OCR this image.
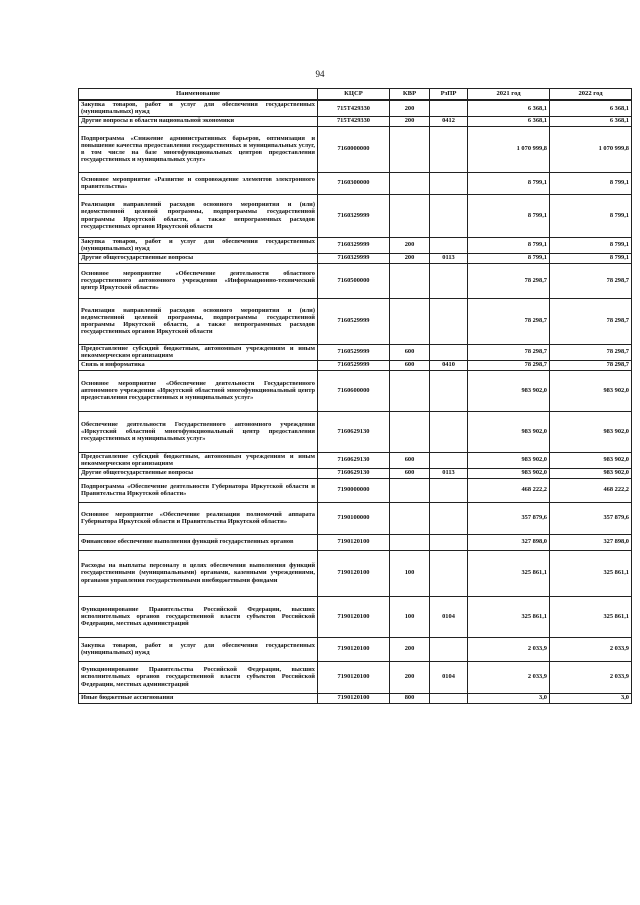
94
Наименование	КЦСР	КВР	РзПР	2021 год	2022 год
Закупка товаров, работ и услуг для обеспечения государственных (муниципальных) нужд	715Т429330	200		6 368,1	6 368,1
Другие вопросы в области национальной экономики	715Т429330	200	0412	6 368,1	6 368,1
Подпрограмма «Снижение административных барьеров, оптимизация и повышение качества предоставления государственных и муниципальных услуг, в том числе на базе многофункциональных центров предоставления государственных и муниципальных услуг»	7160000000			1 070 999,8	1 070 999,8
Основное мероприятие «Развитие и сопровождение элементов электронного правительства»	7160300000			8 799,1	8 799,1
Реализация направлений расходов основного мероприятия и (или) ведомственной целевой программы, подпрограммы государственной программы Иркутской области, а также непрограммных расходов государственных органов Иркутской области	7160329999			8 799,1	8 799,1
Закупка товаров, работ и услуг для обеспечения государственных (муниципальных) нужд	7160329999	200		8 799,1	8 799,1
Другие общегосударственные вопросы	7160329999	200	0113	8 799,1	8 799,1
Основное мероприятие «Обеспечение деятельности областного государственного автономного учреждения «Информационно-технический центр Иркутской области»	7160500000			78 298,7	78 298,7
Реализация направлений расходов основного мероприятия и (или) ведомственной целевой программы, подпрограммы государственной программы Иркутской области, а также непрограммных расходов государственных органов Иркутской области	7160529999			78 298,7	78 298,7
Предоставление субсидий бюджетным, автономным учреждениям и иным некоммерческим организациям	7160529999	600		78 298,7	78 298,7
Связь и информатика	7160529999	600	0410	78 298,7	78 298,7
Основное мероприятие «Обеспечение деятельности Государственного автономного учреждения «Иркутский областной многофункциональный центр предоставления государственных и муниципальных услуг»	7160600000			983 902,0	983 902,0
Обеспечение деятельности Государственного автономного учреждения «Иркутский областной многофункциональный центр предоставления государственных и муниципальных услуг»	7160629130			983 902,0	983 902,0
Предоставление субсидий бюджетным, автономным учреждениям и иным некоммерческим организациям	7160629130	600		983 902,0	983 902,0
Другие общегосударственные вопросы	7160629130	600	0113	983 902,0	983 902,0
Подпрограмма «Обеспечение деятельности Губернатора Иркутской области и Правительства Иркутской области»	7190000000			468 222,2	468 222,2
Основное мероприятие «Обеспечение реализации полномочий аппарата Губернатора Иркутской области и Правительства Иркутской области»	7190100000			357 879,6	357 879,6
Финансовое обеспечение выполнения функций государственных органов	7190120100			327 898,0	327 898,0
Расходы на выплаты персоналу в целях обеспечения выполнения функций государственными (муниципальными) органами, казенными учреждениями, органами управления государственными внебюджетными фондами	7190120100	100		325 861,1	325 861,1
Функционирование Правительства Российской Федерации, высших исполнительных органов государственной власти субъектов Российской Федерации, местных администраций	7190120100	100	0104	325 861,1	325 861,1
Закупка товаров, работ и услуг для обеспечения государственных (муниципальных) нужд	7190120100	200		2 033,9	2 033,9
Функционирование Правительства Российской Федерации, высших исполнительных органов государственной власти субъектов Российской Федерации, местных администраций	7190120100	200	0104	2 033,9	2 033,9
Иные бюджетные ассигнования	7190120100	800		3,0	3,0
